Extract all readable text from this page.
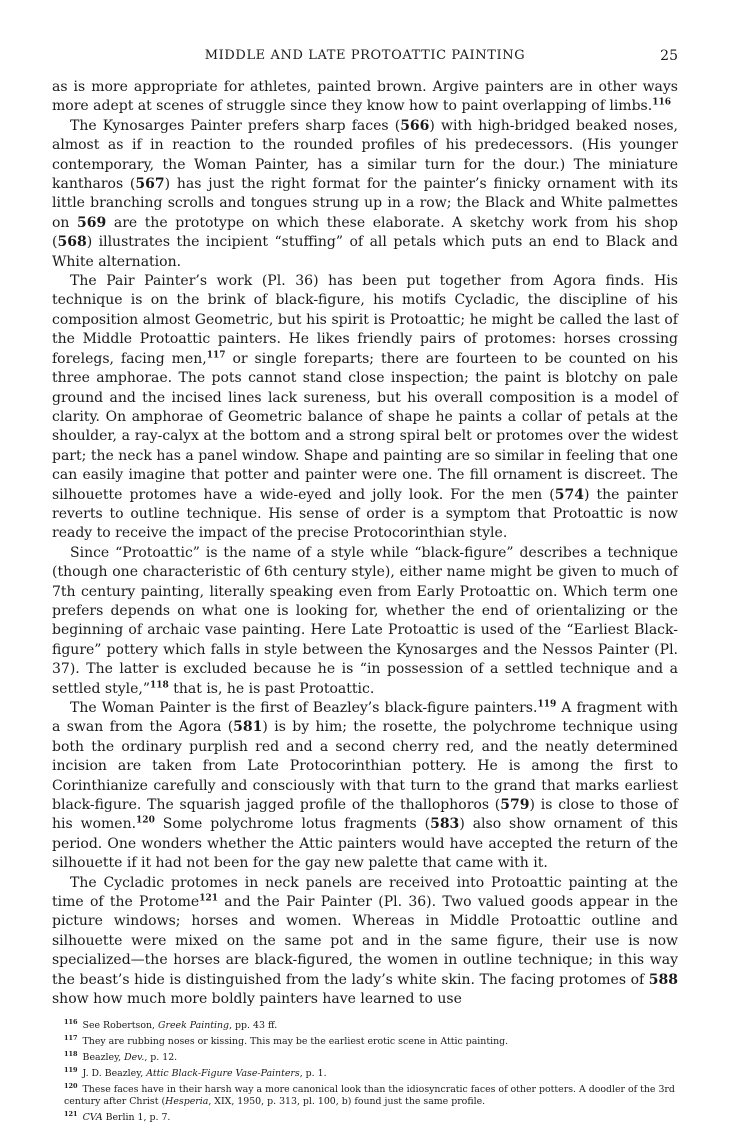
MIDDLE AND LATE PROTOATTIC PAINTING	25

as is more appropriate for athletes, painted brown. Argive painters are in other ways more adept at scenes of struggle since they know how to paint overlapping of limbs.$^{116}$

The Kynosarges Painter prefers sharp faces (566) with high-bridged beaked noses, almost as if in reaction to the rounded profiles of his predecessors. (His younger contemporary, the Woman Painter, has a similar turn for the dour.) The miniature kantharos (567) has just the right format for the painter’s finicky ornament with its little branching scrolls and tongues strung up in a row; the Black and White palmettes on 569 are the prototype on which these elaborate. A sketchy work from his shop (568) illustrates the incipient “stuffing” of all petals which puts an end to Black and White alternation.

The Pair Painter’s work (Pl. 36) has been put together from Agora finds. His technique is on the brink of black-figure, his motifs Cycladic, the discipline of his composition almost Geometric, but his spirit is Protoattic; he might be called the last of the Middle Protoattic painters. He likes friendly pairs of protomes: horses crossing forelegs, facing men,$^{117}$ or single foreparts; there are fourteen to be counted on his three amphorae. The pots cannot stand close inspection; the paint is blotchy on pale ground and the incised lines lack sureness, but his overall composition is a model of clarity. On amphorae of Geometric balance of shape he paints a collar of petals at the shoulder, a ray-calyx at the bottom and a strong spiral belt or protomes over the widest part; the neck has a panel window. Shape and painting are so similar in feeling that one can easily imagine that potter and painter were one. The fill ornament is discreet. The silhouette protomes have a wide-eyed and jolly look. For the men (574) the painter reverts to outline technique. His sense of order is a symptom that Protoattic is now ready to receive the impact of the precise Protocorinthian style.

Since “Protoattic” is the name of a style while “black-figure” describes a technique (though one characteristic of 6th century style), either name might be given to much of 7th century painting, literally speaking even from Early Protoattic on. Which term one prefers depends on what one is looking for, whether the end of orientalizing or the beginning of archaic vase painting. Here Late Protoattic is used of the “Earliest Black-figure” pottery which falls in style between the Kynosarges and the Nessos Painter (Pl. 37). The latter is excluded because he is “in possession of a settled technique and a settled style,”$^{118}$ that is, he is past Protoattic.

The Woman Painter is the first of Beazley’s black-figure painters.$^{119}$ A fragment with a swan from the Agora (581) is by him; the rosette, the polychrome technique using both the ordinary purplish red and a second cherry red, and the neatly determined incision are taken from Late Protocorinthian pottery. He is among the first to Corinthianize carefully and consciously with that turn to the grand that marks earliest black-figure. The squarish jagged profile of the thallophoros (579) is close to those of his women.$^{120}$ Some polychrome lotus fragments (583) also show ornament of this period. One wonders whether the Attic painters would have accepted the return of the silhouette if it had not been for the gay new palette that came with it.

The Cycladic protomes in neck panels are received into Protoattic painting at the time of the Protome$^{121}$ and the Pair Painter (Pl. 36). Two valued goods appear in the picture windows; horses and women. Whereas in Middle Protoattic outline and silhouette were mixed on the same pot and in the same figure, their use is now specialized—the horses are black-figured, the women in outline technique; in this way the beast’s hide is distinguished from the lady’s white skin. The facing protomes of 588 show how much more boldly painters have learned to use

$^{116}$ See Robertson, Greek Painting, pp. 43 ff.

$^{117}$ They are rubbing noses or kissing. This may be the earliest erotic scene in Attic painting.

$^{118}$ Beazley, Dev., p. 12.

$^{119}$ J. D. Beazley, Attic Black-Figure Vase-Painters, p. 1.

$^{120}$ These faces have in their harsh way a more canonical look than the idiosyncratic faces of other potters. A doodler of the 3rd century after Christ (Hesperia, XIX, 1950, p. 313, pl. 100, b) found just the same profile.

$^{121}$ CVA Berlin 1, p. 7.
